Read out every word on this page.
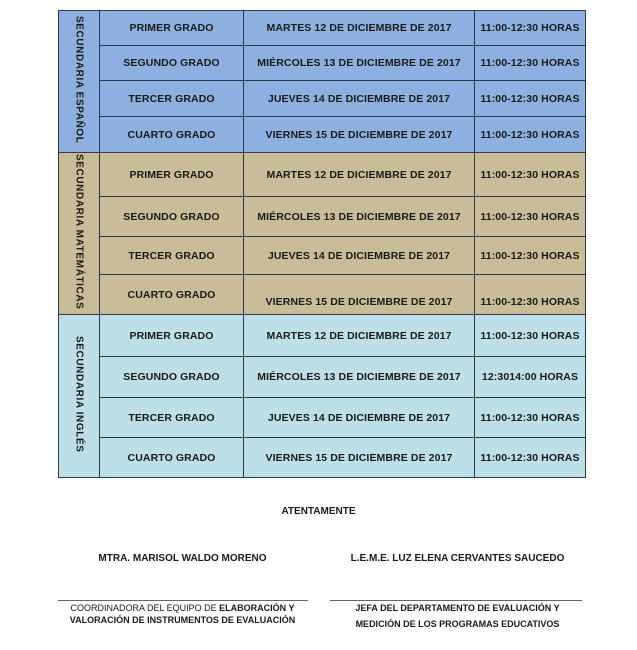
SECUNDARIA ESPAÑOL	PRIMER GRADO	MARTES 12 DE DICIEMBRE DE 2017	11:00-12:30 HORAS
	SEGUNDO GRADO	MIÉRCOLES 13 DE DICIEMBRE DE 2017	11:00-12:30 HORAS
	TERCER GRADO	JUEVES 14 DE DICIEMBRE DE 2017	11:00-12:30 HORAS
	CUARTO GRADO	VIERNES 15 DE DICIEMBRE DE 2017	11:00-12:30 HORAS
SECUNDARIA MATEMÁTICAS	PRIMER GRADO	MARTES 12 DE DICIEMBRE DE 2017	11:00-12:30 HORAS
	SEGUNDO GRADO	MIÉRCOLES 13 DE DICIEMBRE DE 2017	11:00-12:30 HORAS
	TERCER GRADO	JUEVES 14 DE DICIEMBRE DE 2017	11:00-12:30 HORAS
	CUARTO GRADO	VIERNES 15 DE DICIEMBRE DE 2017	11:00-12:30 HORAS
SECUNDARIA INGLÉS	PRIMER GRADO	MARTES 12 DE DICIEMBRE DE 2017	11:00-12:30 HORAS
	SEGUNDO GRADO	MIÉRCOLES 13 DE DICIEMBRE DE 2017	12:3014:00 HORAS
	TERCER GRADO	JUEVES 14 DE DICIEMBRE DE 2017	11:00-12:30 HORAS
	CUARTO GRADO	VIERNES 15 DE DICIEMBRE DE 2017	11:00-12:30 HORAS
ATENTAMENTE
MTRA. MARISOL WALDO MORENO	L.E.M.E. LUZ ELENA CERVANTES SAUCEDO
COORDINADORA DEL EQUIPO DE ELABORACIÓN Y
VALORACIÓN DE INSTRUMENTOS DE EVALUACIÓN
JEFA DEL DEPARTAMENTO DE EVALUACIÓN Y
MEDICIÓN DE LOS PROGRAMAS EDUCATIVOS
